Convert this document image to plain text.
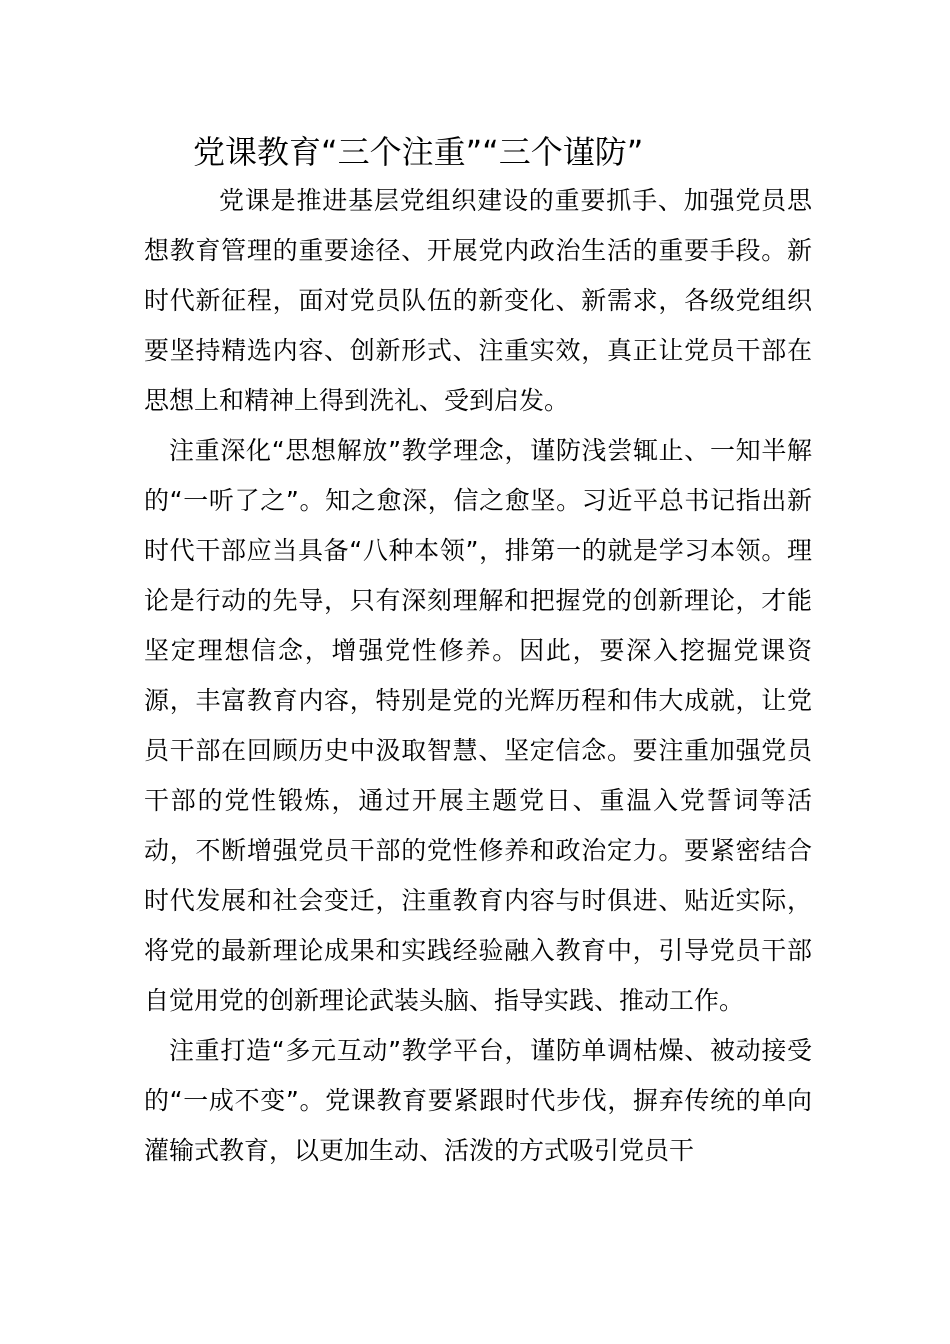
党课教育“三个注重”“三个谨防”

党课是推进基层党组织建设的重要抓手、加强党员思想教育管理的重要途径、开展党内政治生活的重要手段。新时代新征程，面对党员队伍的新变化、新需求，各级党组织要坚持精选内容、创新形式、注重实效，真正让党员干部在思想上和精神上得到洗礼、受到启发。

注重深化“思想解放”教学理念，谨防浅尝辄止、一知半解的“一听了之”。知之愈深，信之愈坚。习近平总书记指出新时代干部应当具备“八种本领”，排第一的就是学习本领。理论是行动的先导，只有深刻理解和把握党的创新理论，才能坚定理想信念，增强党性修养。因此，要深入挖掘党课资源，丰富教育内容，特别是党的光辉历程和伟大成就，让党员干部在回顾历史中汲取智慧、坚定信念。要注重加强党员干部的党性锻炼，通过开展主题党日、重温入党誓词等活动，不断增强党员干部的党性修养和政治定力。要紧密结合时代发展和社会变迁，注重教育内容与时俱进、贴近实际，将党的最新理论成果和实践经验融入教育中，引导党员干部自觉用党的创新理论武装头脑、指导实践、推动工作。

注重打造“多元互动”教学平台，谨防单调枯燥、被动接受的“一成不变”。党课教育要紧跟时代步伐，摒弃传统的单向灌输式教育，以更加生动、活泼的方式吸引党员干
